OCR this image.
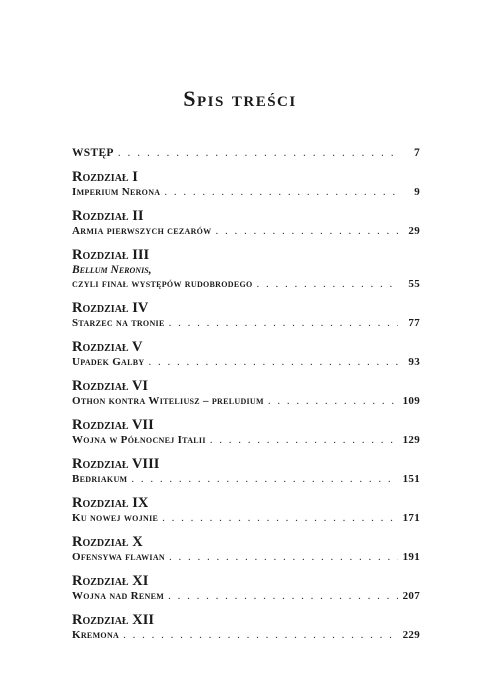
Spis treści
WSTĘP . . .	7
Rozdział I
Imperium Nerona . . .	9
Rozdział II
Armia pierwszych cezarów . . .	29
Rozdział III
Bellum Neronis,
czyli finał występów rudobrodego . . .	55
Rozdział IV
Starzec na tronie . . .	77
Rozdział V
Upadek Galby . . .	93
Rozdział VI
Othon kontra Witeliusz – preludium . . .	109
Rozdział VII
Wojna w Północnej Italii . . .	129
Rozdział VIII
Bedriakum . . .	151
Rozdział IX
Ku nowej wojnie . . .	171
Rozdział X
Ofensywa flawian . . .	191
Rozdział XI
Wojna nad Renem . . .	207
Rozdział XII
Kremona . . .	229
